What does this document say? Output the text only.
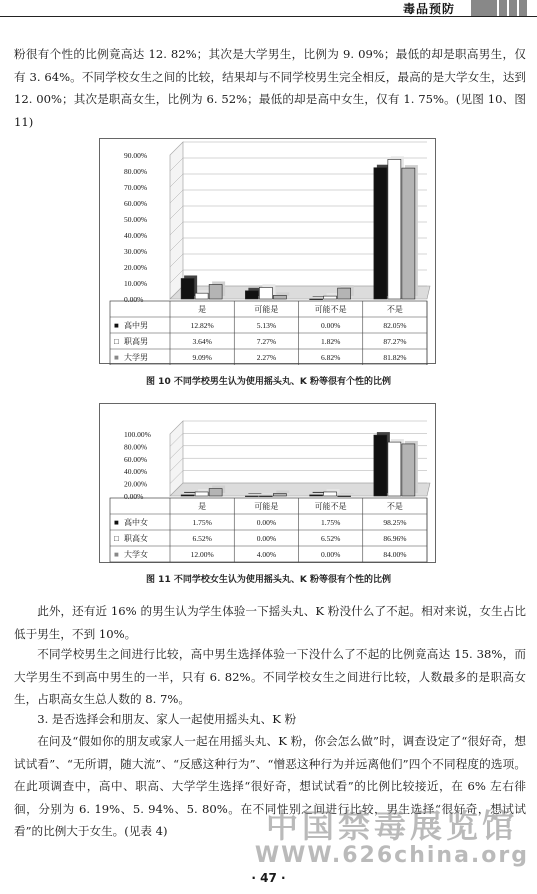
毒品预防

粉很有个性的比例竟高达 12. 82%；其次是大学男生，比例为 9. 09%；最低的却是职高男生，仅有 3. 64%。不同学校女生之间的比较，结果却与不同学校男生完全相反，最高的是大学女生，达到 12. 00%；其次是职高女生，比例为 6. 52%；最低的却是高中女生，仅有 1. 75%。(见图 10、图 11)

0.00%
10.00%
20.00%
30.00%
40.00%
50.00%
60.00%
70.00%
80.00%
90.00%
是	可能是	可能不是	不是
■ 高中男	12.82%	5.13%	0.00%	82.05%
□ 职高男	3.64%	7.27%	1.82%	87.27%
■ 大学男	9.09%	2.27%	6.82%	81.82%
图 10 不同学校男生认为使用摇头丸、K 粉等很有个性的比例
0.00%
20.00%
40.00%
60.00%
80.00%
100.00%
是	可能是	可能不是	不是
■ 高中女	1.75%	0.00%	1.75%	98.25%
□ 职高女	6.52%	0.00%	6.52%	86.96%
■ 大学女	12.00%	4.00%	0.00%	84.00%
图 11 不同学校女生认为使用摇头丸、K 粉等很有个性的比例

此外，还有近 16% 的男生认为学生体验一下摇头丸、K 粉没什么了不起。相对来说，女生占比低于男生，不到 10%。

不同学校男生之间进行比较，高中男生选择体验一下没什么了不起的比例竟高达 15. 38%，而大学男生不到高中男生的一半，只有 6. 82%。不同学校女生之间进行比较，人数最多的是职高女生，占职高女生总人数的 8. 7%。

3. 是否选择会和朋友、家人一起使用摇头丸、K 粉

在问及“假如你的朋友或家人一起在用摇头丸、K 粉，你会怎么做”时，调查设定了“很好奇，想试试看”、“无所谓，随大流”、“反感这种行为”、“憎恶这种行为并远离他们”四个不同程度的选项。在此项调查中，高中、职高、大学学生选择“很好奇，想试试看”的比例比较接近，在 6% 左右徘徊，分别为 6. 19%、5. 94%、5. 80%。在不同性别之间进行比较，男生选择“很好奇，想试试看”的比例大于女生。(见表 4)	中国禁毒展览馆
WWW.626china.org
· 47 ·
